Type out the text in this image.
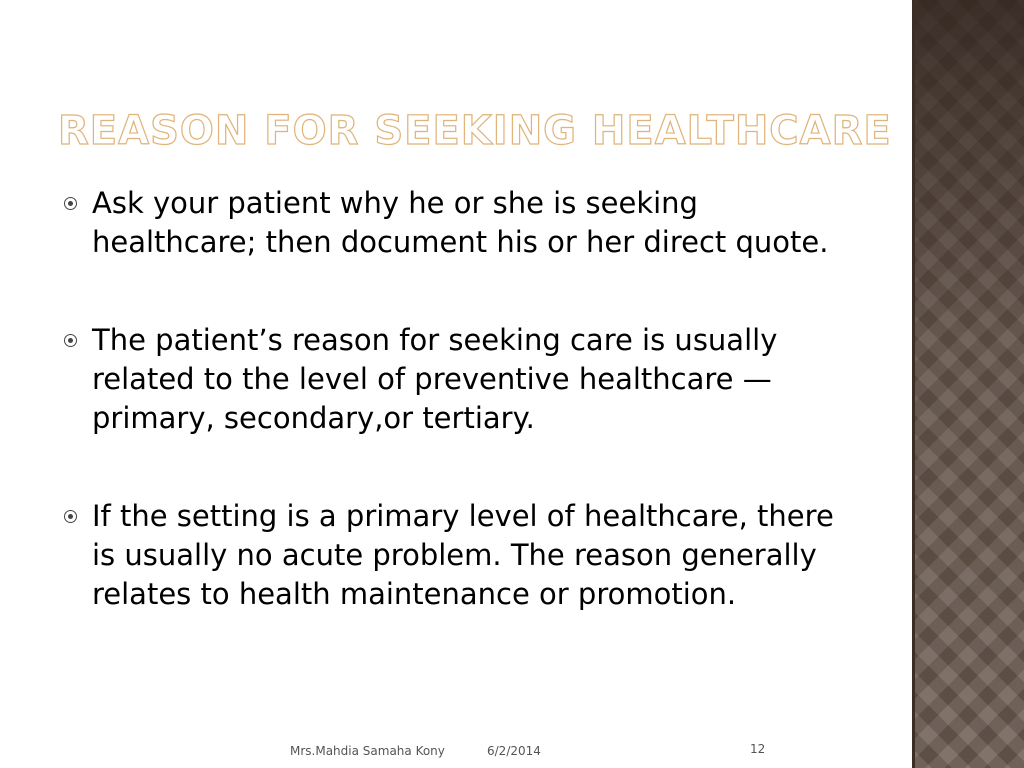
REASON FOR SEEKING HEALTHCARE
Ask your patient why he or she is seeking healthcare; then document his or her direct quote.
The patient’s reason for seeking care is usually related to the level of preventive healthcare —primary, secondary,or tertiary.
If the setting is a primary level of healthcare, there is usually no acute problem. The reason generally relates to health maintenance or promotion.
Mrs.Mahdia Samaha Kony	6/2/2014	12
